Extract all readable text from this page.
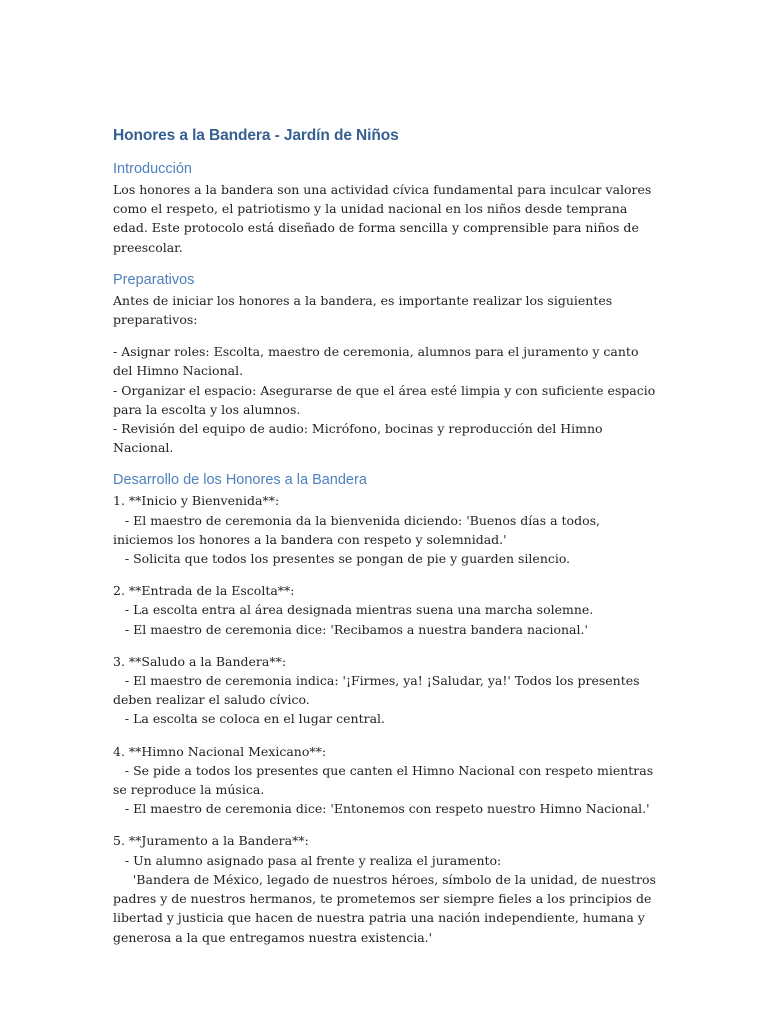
Honores a la Bandera - Jardín de Niños
Introducción

Los honores a la bandera son una actividad cívica fundamental para inculcar valores como el respeto, el patriotismo y la unidad nacional en los niños desde temprana edad. Este protocolo está diseñado de forma sencilla y comprensible para niños de preescolar.

Preparativos

Antes de iniciar los honores a la bandera, es importante realizar los siguientes preparativos:

- Asignar roles: Escolta, maestro de ceremonia, alumnos para el juramento y canto del Himno Nacional.

- Organizar el espacio: Asegurarse de que el área esté limpia y con suficiente espacio para la escolta y los alumnos.

- Revisión del equipo de audio: Micrófono, bocinas y reproducción del Himno Nacional.

Desarrollo de los Honores a la Bandera

1. **Inicio y Bienvenida**:

- El maestro de ceremonia da la bienvenida diciendo: 'Buenos días a todos, iniciemos los honores a la bandera con respeto y solemnidad.'

- Solicita que todos los presentes se pongan de pie y guarden silencio.

2. **Entrada de la Escolta**:

- La escolta entra al área designada mientras suena una marcha solemne.

- El maestro de ceremonia dice: 'Recibamos a nuestra bandera nacional.'

3. **Saludo a la Bandera**:

- El maestro de ceremonia indica: '¡Firmes, ya! ¡Saludar, ya!' Todos los presentes deben realizar el saludo cívico.

- La escolta se coloca en el lugar central.

4. **Himno Nacional Mexicano**:

- Se pide a todos los presentes que canten el Himno Nacional con respeto mientras se reproduce la música.

- El maestro de ceremonia dice: 'Entonemos con respeto nuestro Himno Nacional.'

5. **Juramento a la Bandera**:

- Un alumno asignado pasa al frente y realiza el juramento:

'Bandera de México, legado de nuestros héroes, símbolo de la unidad, de nuestros padres y de nuestros hermanos, te prometemos ser siempre fieles a los principios de libertad y justicia que hacen de nuestra patria una nación independiente, humana y generosa a la que entregamos nuestra existencia.'
